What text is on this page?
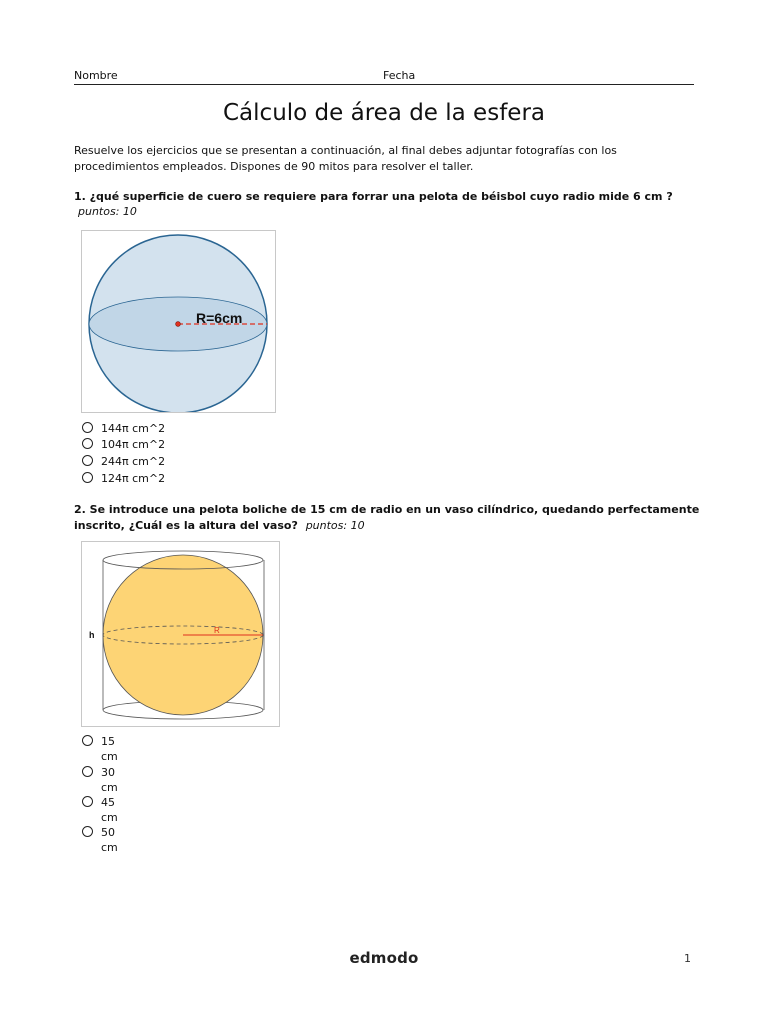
Nombre	Fecha
Cálculo de área de la esfera
Resuelve los ejercicios que se presentan a continuación, al final debes adjuntar fotografías con los procedimientos empleados. Dispones de 90 mitos para resolver el taller.
1. ¿qué superficie de cuero se requiere para forrar una pelota de béisbol cuyo radio mide 6 cm ?
puntos: 10
R=6cm
144π cm^2
104π cm^2
244π cm^2
124π cm^2
2. Se introduce una pelota boliche de 15 cm de radio en un vaso cilíndrico, quedando perfectamente
inscrito, ¿Cuál es la altura del vaso? puntos: 10
R
h
15
cm
30
cm
45
cm
50
cm
edmodo	1
